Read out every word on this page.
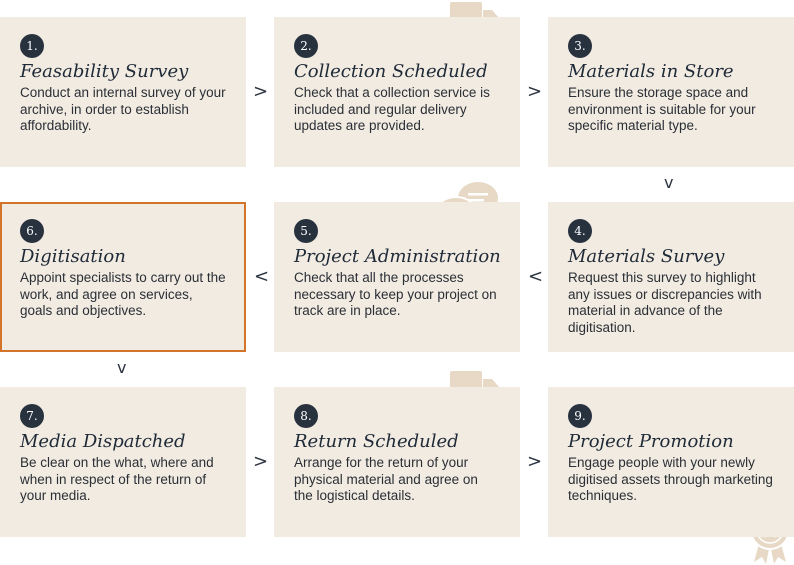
1.
Feasability Survey
Conduct an internal survey of your archive, in order to establish affordability.
>
2.
Collection Scheduled
Check that a collection service is included and regular delivery updates are provided.
>
3.
Materials in Store
Ensure the storage space and environment is suitable for your specific material type.
v
6.
Digitisation
Appoint specialists to carry out the work, and agree on services, goals and objectives.
<
5.
Project Administration
Check that all the processes necessary to keep your project on track are in place.
<
4.
Materials Survey
Request this survey to highlight any issues or discrepancies with material in advance of the digitisation.
v
7.
Media Dispatched
Be clear on the what, where and when in respect of the return of your media.
>
8.
Return Scheduled
Arrange for the return of your physical material and agree on the logistical details.
>
9.
Project Promotion
Engage people with your newly digitised assets through marketing techniques.
